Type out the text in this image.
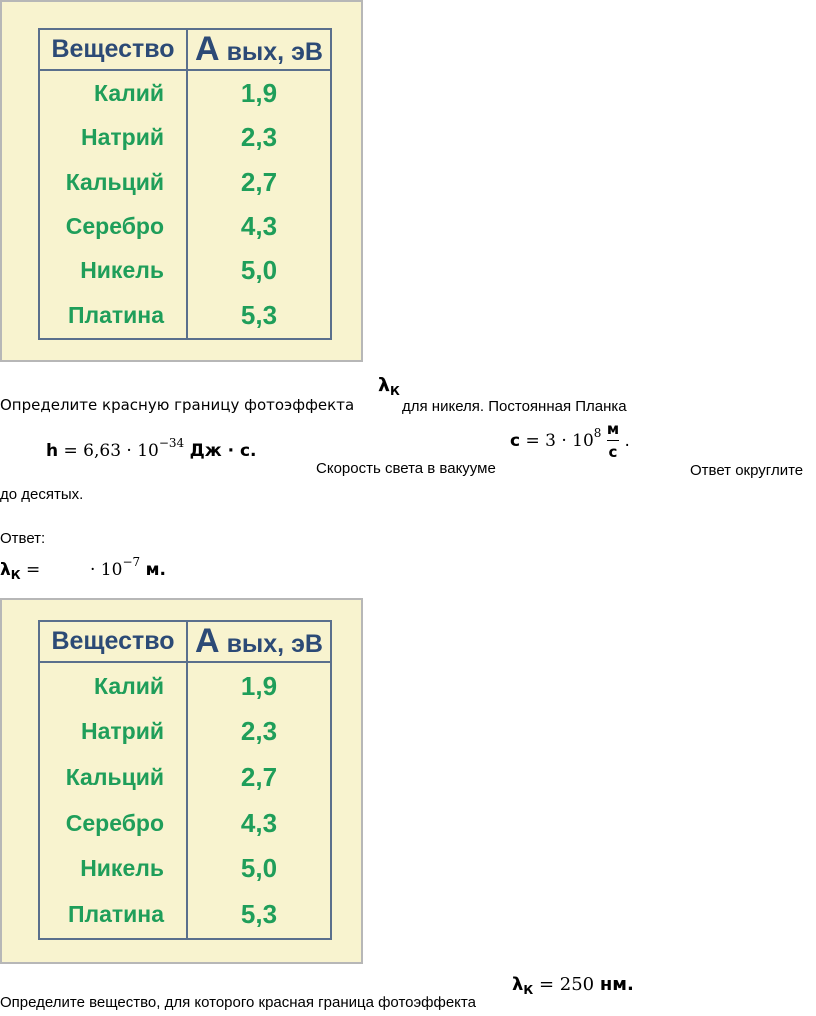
Вещество	А вых, эВ
Калий	1,9
Натрий	2,3
Кальций	2,7
Серебро	4,3
Никель	5,0
Платина	5,3
Определите красную границу фотоэффекта
$\lambda_К$
для никеля. Постоянная Планка
$h = 6,63 \cdot 10^{-34}$ Дж · с.
Скорость света в вакууме
$c = 3 \cdot 10^8 \frac{м}{с}$ .
Ответ округлите
до десятых.
Ответ:
$\lambda_К$ =	· $10^{-7}$ м.
Вещество	А вых, эВ
Калий	1,9
Натрий	2,3
Кальций	2,7
Серебро	4,3
Никель	5,0
Платина	5,3
Определите вещество, для которого красная граница фотоэффекта
$\lambda_К = 250$ нм.
